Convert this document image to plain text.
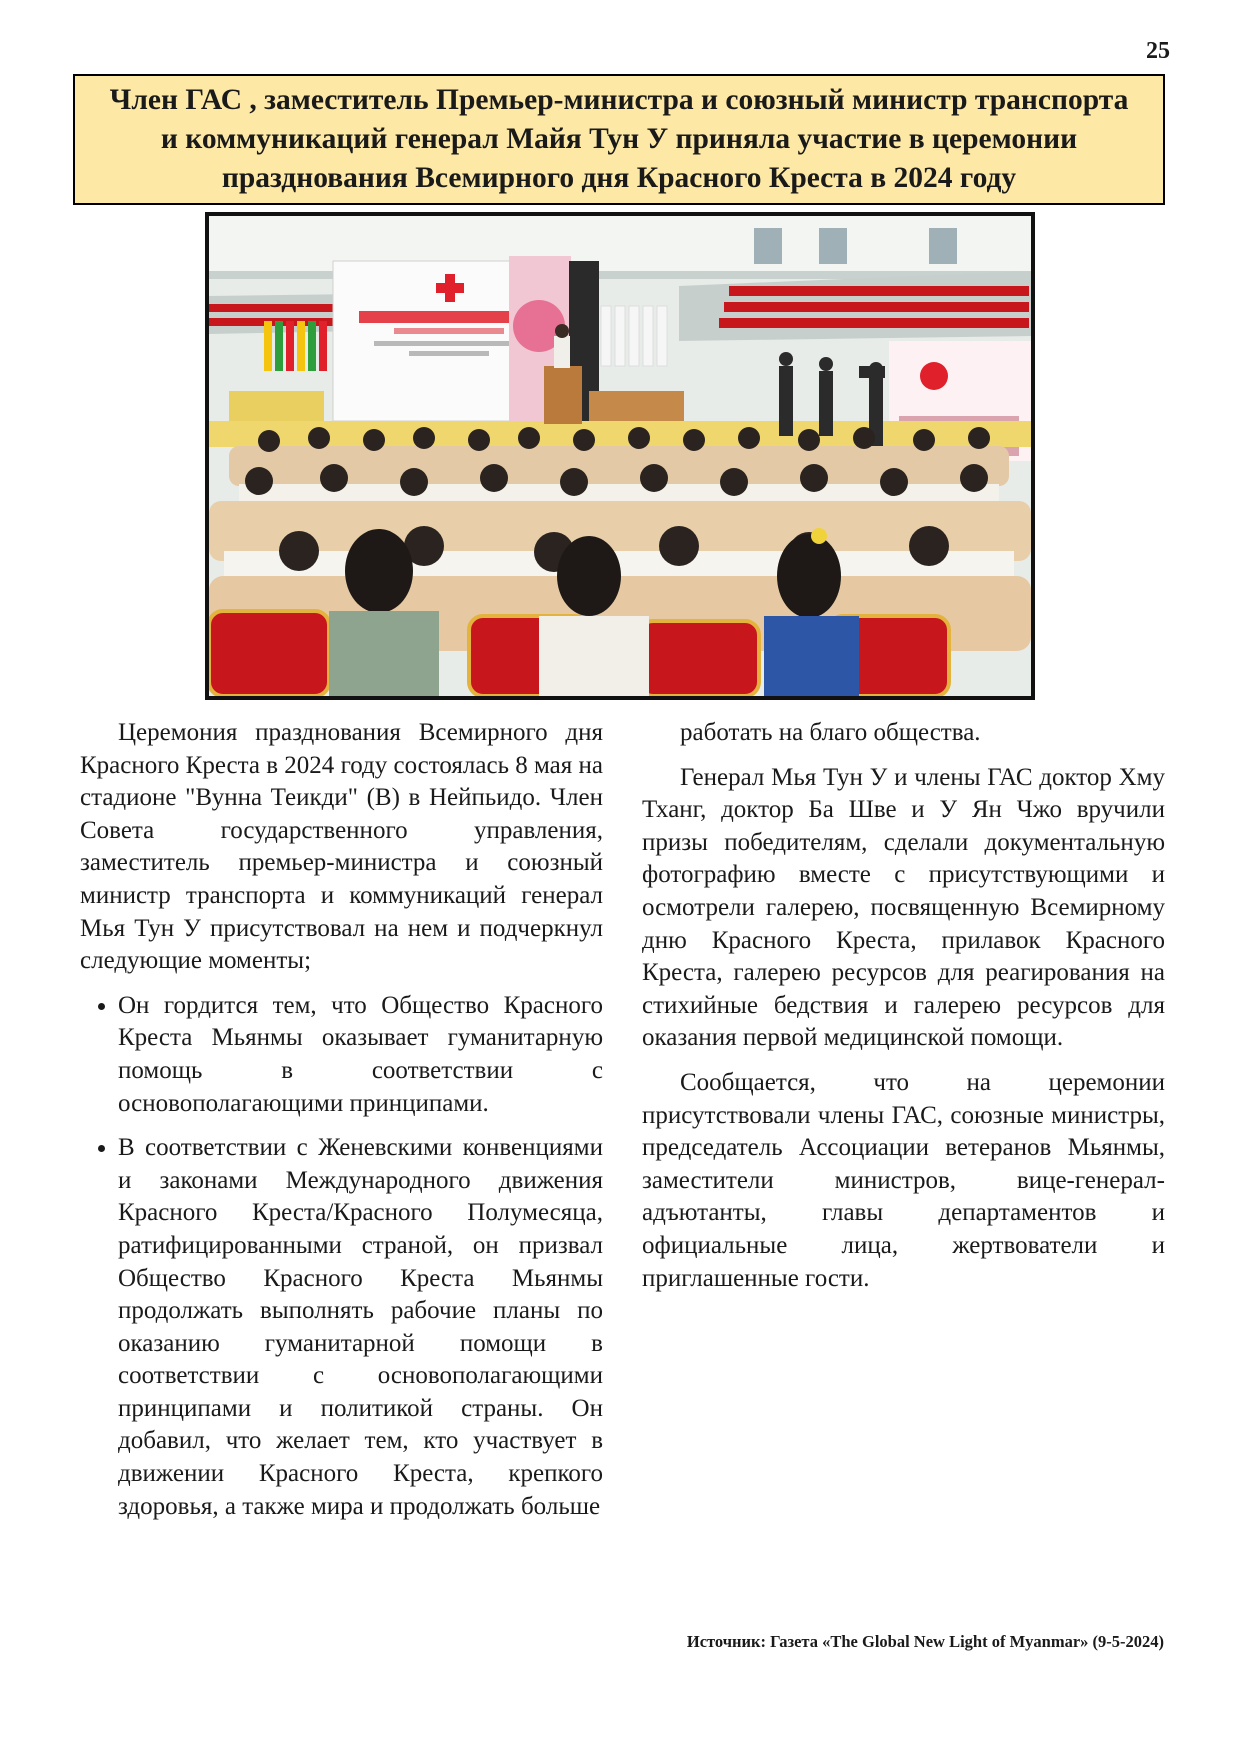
25
Член ГАС , заместитель Премьер-министра и союзный министр транспорта и коммуникаций генерал Майя Тун У приняла участие в церемонии празднования Всемирного дня Красного Креста в 2024 году

Церемония празднования Всемирного дня Красного Креста в 2024 году состоялась 8 мая на стадионе "Вунна Теикди" (В) в Нейпьидо. Член Совета государственного управления, заместитель премьер-министра и союзный министр транспорта и коммуникаций генерал Мья Тун У присутствовал на нем и подчеркнул следующие моменты;

• Он гордится тем, что Общество Красного Креста Мьянмы оказывает гуманитарную помощь в соответствии с основополагающими принципами.
• В соответствии с Женевскими конвенциями и законами Международного движения Красного Креста/Красного Полумесяца, ратифицированными страной, он призвал Общество Красного Креста Мьянмы продолжать выполнять рабочие планы по оказанию гуманитарной помощи в соответствии с основополагающими принципами и политикой страны. Он добавил, что желает тем, кто участвует в движении Красного Креста, крепкого здоровья, а также мира и продолжать больше

работать на благо общества.

Генерал Мья Тун У и члены ГАС доктор Хму Тханг, доктор Ба Шве и У Ян Чжо вручили призы победителям, сделали документальную фотографию вместе с присутствующими и осмотрели галерею, посвященную Всемирному дню Красного Креста, прилавок Красного Креста, галерею ресурсов для реагирования на стихийные бедствия и галерею ресурсов для оказания первой медицинской помощи.

Сообщается, что на церемонии присутствовали члены ГАС, союзные министры, председатель Ассоциации ветеранов Мьянмы, заместители министров, вице-генерал-адъютанты, главы департаментов и официальные лица, жертвователи и приглашенные гости.

Источник: Газета «The Global New Light of Myanmar» (9-5-2024)
